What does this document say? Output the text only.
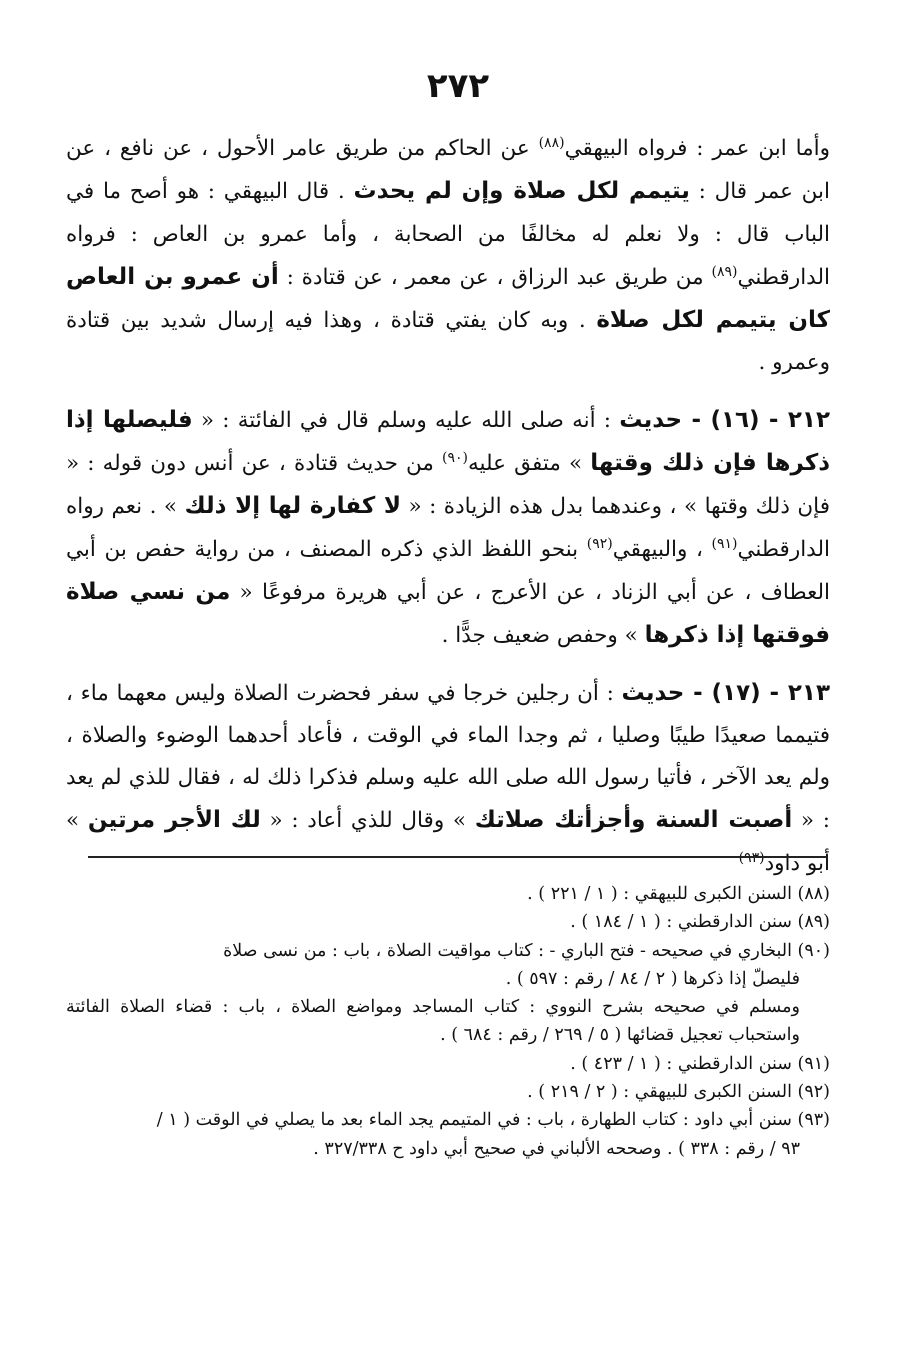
٢٧٢

وأما ابن عمر : فرواه البيهقي$^{(٨٨)}$ عن الحاكم من طريق عامر الأحول ، عن نافع ، عن ابن عمر قال : يتيمم لكل صلاة وإن لم يحدث . قال البيهقي : هو أصح ما في الباب قال : ولا نعلم له مخالفًا من الصحابة ، وأما عمرو بن العاص : فرواه الدارقطني$^{(٨٩)}$ من طريق عبد الرزاق ، عن معمر ، عن قتادة : أن عمرو بن العاص كان يتيمم لكل صلاة . وبه كان يفتي قتادة ، وهذا فيه إرسال شديد بين قتادة وعمرو .

٢١٢ - (١٦) - حديث : أنه صلى الله عليه وسلم قال في الفائتة : « فليصلها إذا ذكرها فإن ذلك وقتها » متفق عليه$^{(٩٠)}$ من حديث قتادة ، عن أنس دون قوله : « فإن ذلك وقتها » ، وعندهما بدل هذه الزيادة : « لا كفارة لها إلا ذلك » . نعم رواه الدارقطني$^{(٩١)}$ ، والبيهقي$^{(٩٢)}$ بنحو اللفظ الذي ذكره المصنف ، من رواية حفص بن أبي العطاف ، عن أبي الزناد ، عن الأعرج ، عن أبي هريرة مرفوعًا « من نسي صلاة فوقتها إذا ذكرها » وحفص ضعيف جدًّا .

٢١٣ - (١٧) - حديث : أن رجلين خرجا في سفر فحضرت الصلاة وليس معهما ماء ، فتيمما صعيدًا طيبًا وصليا ، ثم وجدا الماء في الوقت ، فأعاد أحدهما الوضوء والصلاة ، ولم يعد الآخر ، فأتيا رسول الله صلى الله عليه وسلم فذكرا ذلك له ، فقال للذي لم يعد : « أصبت السنة وأجزأتك صلاتك » وقال للذي أعاد : « لك الأجر مرتين » أبو داود$^{(٩٣)}$

(٨٨) السنن الكبرى للبيهقي : ( ١ / ٢٢١ ) .

(٨٩) سنن الدارقطني : ( ١ / ١٨٤ ) .

(٩٠) البخاري في صحيحه - فتح الباري - : كتاب مواقيت الصلاة ، باب : من نسى صلاة

فليصلّ إذا ذكرها ( ٢ / ٨٤ / رقم : ٥٩٧ ) .

ومسلم في صحيحه بشرح النووي : كتاب المساجد ومواضع الصلاة ، باب : قضاء الصلاة الفائتة واستحباب تعجيل قضائها ( ٥ / ٢٦٩ / رقم : ٦٨٤ ) .

(٩١) سنن الدارقطني : ( ١ / ٤٢٣ ) .

(٩٢) السنن الكبرى للبيهقي : ( ٢ / ٢١٩ ) .

(٩٣) سنن أبي داود : كتاب الطهارة ، باب : في المتيمم يجد الماء بعد ما يصلي في الوقت ( ١ /

٩٣ / رقم : ٣٣٨ ) . وصححه الألباني في صحيح أبي داود ح ٣٢٧/٣٣٨ .
